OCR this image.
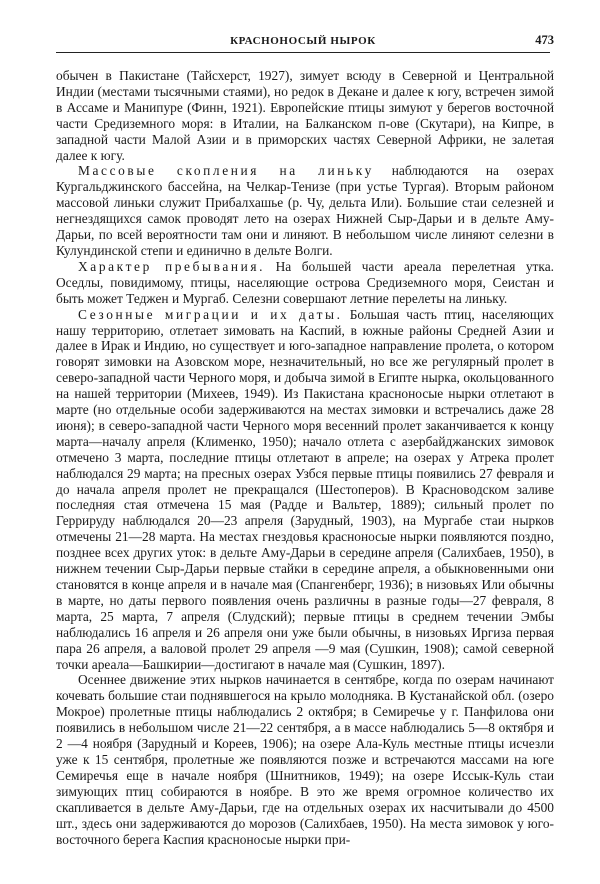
КРАСНОНОСЫЙ НЫРОК	473

обычен в Пакистане (Тайсхерст, 1927), зимует всюду в Северной и Центральной Индии (местами тысячными стаями), но редок в Декане и далее к югу, встречен зимой в Ассаме и Манипуре (Финн, 1921). Европейские птицы зимуют у берегов восточной части Средиземного моря: в Италии, на Балканском п-ове (Скутари), на Кипре, в западной части Малой Азии и в приморских частях Северной Африки, не залетая далее к югу.

Массовые скопления на линьку наблюдаются на озерах Кургальджинского бассейна, на Челкар-Тенизе (при устье Тургая). Вторым районом массовой линьки служит Прибалхашье (р. Чу, дельта Или). Большие стаи селезней и негнездящихся самок проводят лето на озерах Нижней Сыр-Дарьи и в дельте Аму-Дарьи, по всей вероятности там они и линяют. В небольшом числе линяют селезни в Кулундинской степи и единично в дельте Волги.

Характер пребывания. На большей части ареала перелетная утка. Оседлы, повидимому, птицы, населяющие острова Средиземного моря, Сеистан и быть может Теджен и Мургаб. Селезни совершают летние перелеты на линьку.

Сезонные миграции и их даты. Большая часть птиц, населяющих нашу территорию, отлетает зимовать на Каспий, в южные районы Средней Азии и далее в Ирак и Индию, но существует и юго-западное направление пролета, о котором говорят зимовки на Азовском море, незначительный, но все же регулярный пролет в северо-западной части Черного моря, и добыча зимой в Египте нырка, окольцованного на нашей территории (Михеев, 1949). Из Пакистана красноносые нырки отлетают в марте (но отдельные особи задерживаются на местах зимовки и встречались даже 28 июня); в северо-западной части Черного моря весенний пролет заканчивается к концу марта—началу апреля (Клименко, 1950); начало отлета с азербайджанских зимовок отмечено 3 марта, последние птицы отлетают в апреле; на озерах у Атрека пролет наблюдался 29 марта; на пресных озерах Узбся первые птицы появились 27 февраля и до начала апреля пролет не прекращался (Шестоперов). В Красноводском заливе последняя стая отмечена 15 мая (Радде и Вальтер, 1889); сильный пролет по Геррируду наблюдался 20—23 апреля (Зарудный, 1903), на Мургабе стаи нырков отмечены 21—28 марта. На местах гнездовья красноносые нырки появляются поздно, позднее всех других уток: в дельте Аму-Дарьи в середине апреля (Салихбаев, 1950), в нижнем течении Сыр-Дарьи первые стайки в середине апреля, а обыкновенными они становятся в конце апреля и в начале мая (Спангенберг, 1936); в низовьях Или обычны в марте, но даты первого появления очень различны в разные годы—27 февраля, 8 марта, 25 марта, 7 апреля (Слудский); первые птицы в среднем течении Эмбы наблюдались 16 апреля и 26 апреля они уже были обычны, в низовьях Иргиза первая пара 26 апреля, а валовой пролет 29 апреля —9 мая (Сушкин, 1908); самой северной точки ареала—Башкирии—достигают в начале мая (Сушкин, 1897).

Осеннее движение этих нырков начинается в сентябре, когда по озерам начинают кочевать большие стаи поднявшегося на крыло молодняка. В Кустанайской обл. (озеро Мокрое) пролетные птицы наблюдались 2 октября; в Семиречье у г. Панфилова они появились в небольшом числе 21—22 сентября, а в массе наблюдались 5—8 октября и 2 —4 ноября (Зарудный и Кореев, 1906); на озере Ала-Куль местные птицы исчезли уже к 15 сентября, пролетные же появляются позже и встречаются массами на юге Семиречья еще в начале ноября (Шнитников, 1949); на озере Иссык-Куль стаи зимующих птиц собираются в ноябре. В это же время огромное количество их скапливается в дельте Аму-Дарьи, где на отдельных озерах их насчитывали до 4500 шт., здесь они задерживаются до морозов (Салихбаев, 1950). На места зимовок у юго-восточного берега Каспия красноносые нырки при-
